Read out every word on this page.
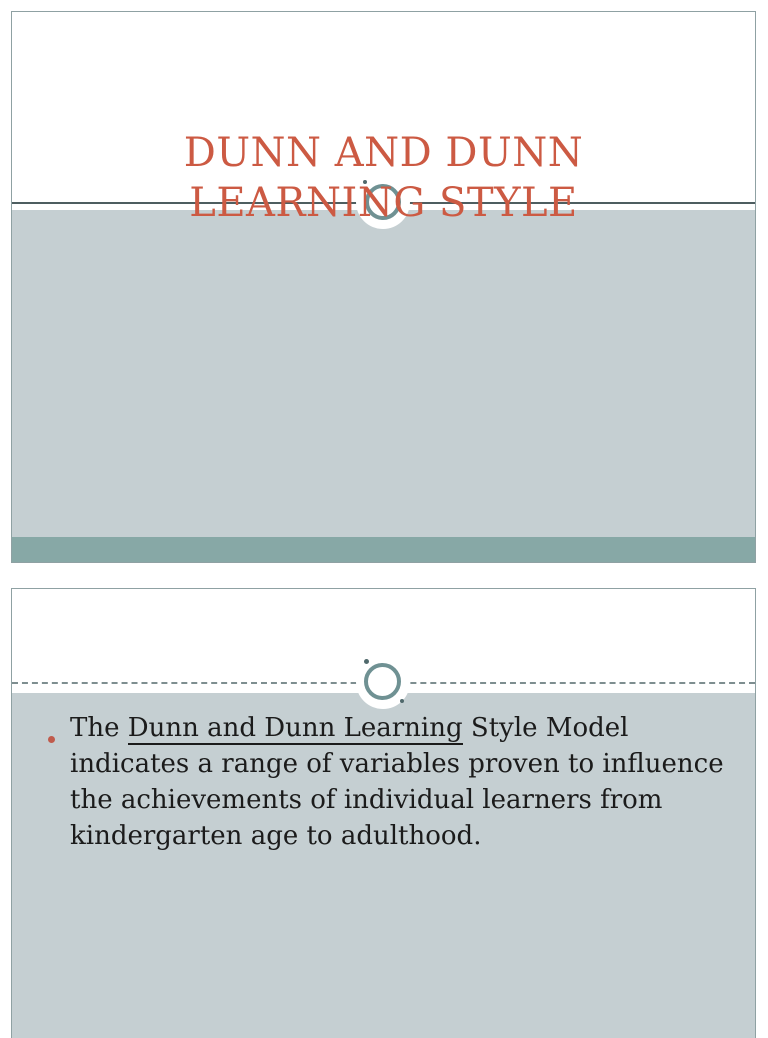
DUNN AND DUNN
LEARNING STYLE
The Dunn and Dunn Learning Style Model
indicates a range of variables proven to influence
the achievements of individual learners from
kindergarten age to adulthood.
